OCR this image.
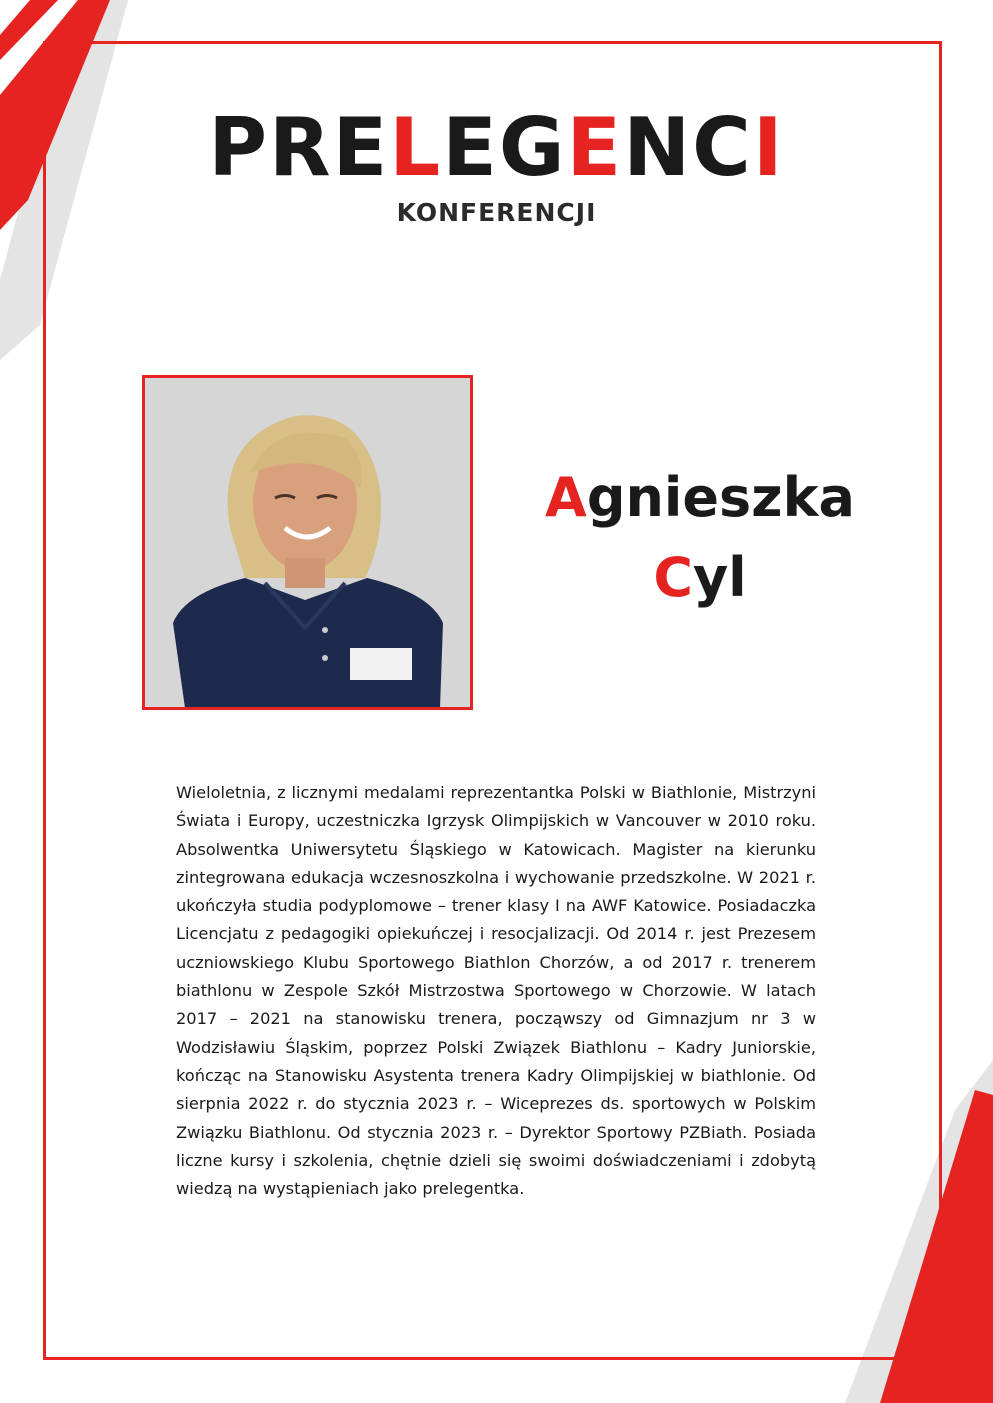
PRELEGENCI
KONFERENCJI
Agnieszka
Cyl

Wieloletnia, z licznymi medalami reprezentantka Polski w Biathlonie, Mistrzyni Świata i Europy, uczestniczka Igrzysk Olimpijskich w Vancouver w 2010 roku. Absolwentka Uniwersytetu Śląskiego w Katowicach. Magister na kierunku zintegrowana edukacja wczesnoszkolna i wychowanie przedszkolne. W 2021 r. ukończyła studia podyplomowe – trener klasy I na AWF Katowice. Posiadaczka Licencjatu z pedagogiki opiekuńczej i resocjalizacji. Od 2014 r. jest Prezesem uczniowskiego Klubu Sportowego Biathlon Chorzów, a od 2017 r. trenerem biathlonu w Zespole Szkół Mistrzostwa Sportowego w Chorzowie. W latach 2017 – 2021 na stanowisku trenera, począwszy od Gimnazjum nr 3 w Wodzisławiu Śląskim, poprzez Polski Związek Biathlonu – Kadry Juniorskie, kończąc na Stanowisku Asystenta trenera Kadry Olimpijskiej w biathlonie. Od sierpnia 2022 r. do stycznia 2023 r. – Wiceprezes ds. sportowych w Polskim Związku Biathlonu. Od stycznia 2023 r. – Dyrektor Sportowy PZBiath. Posiada liczne kursy i szkolenia, chętnie dzieli się swoimi doświadczeniami i zdobytą wiedzą na wystąpieniach jako prelegentka.
